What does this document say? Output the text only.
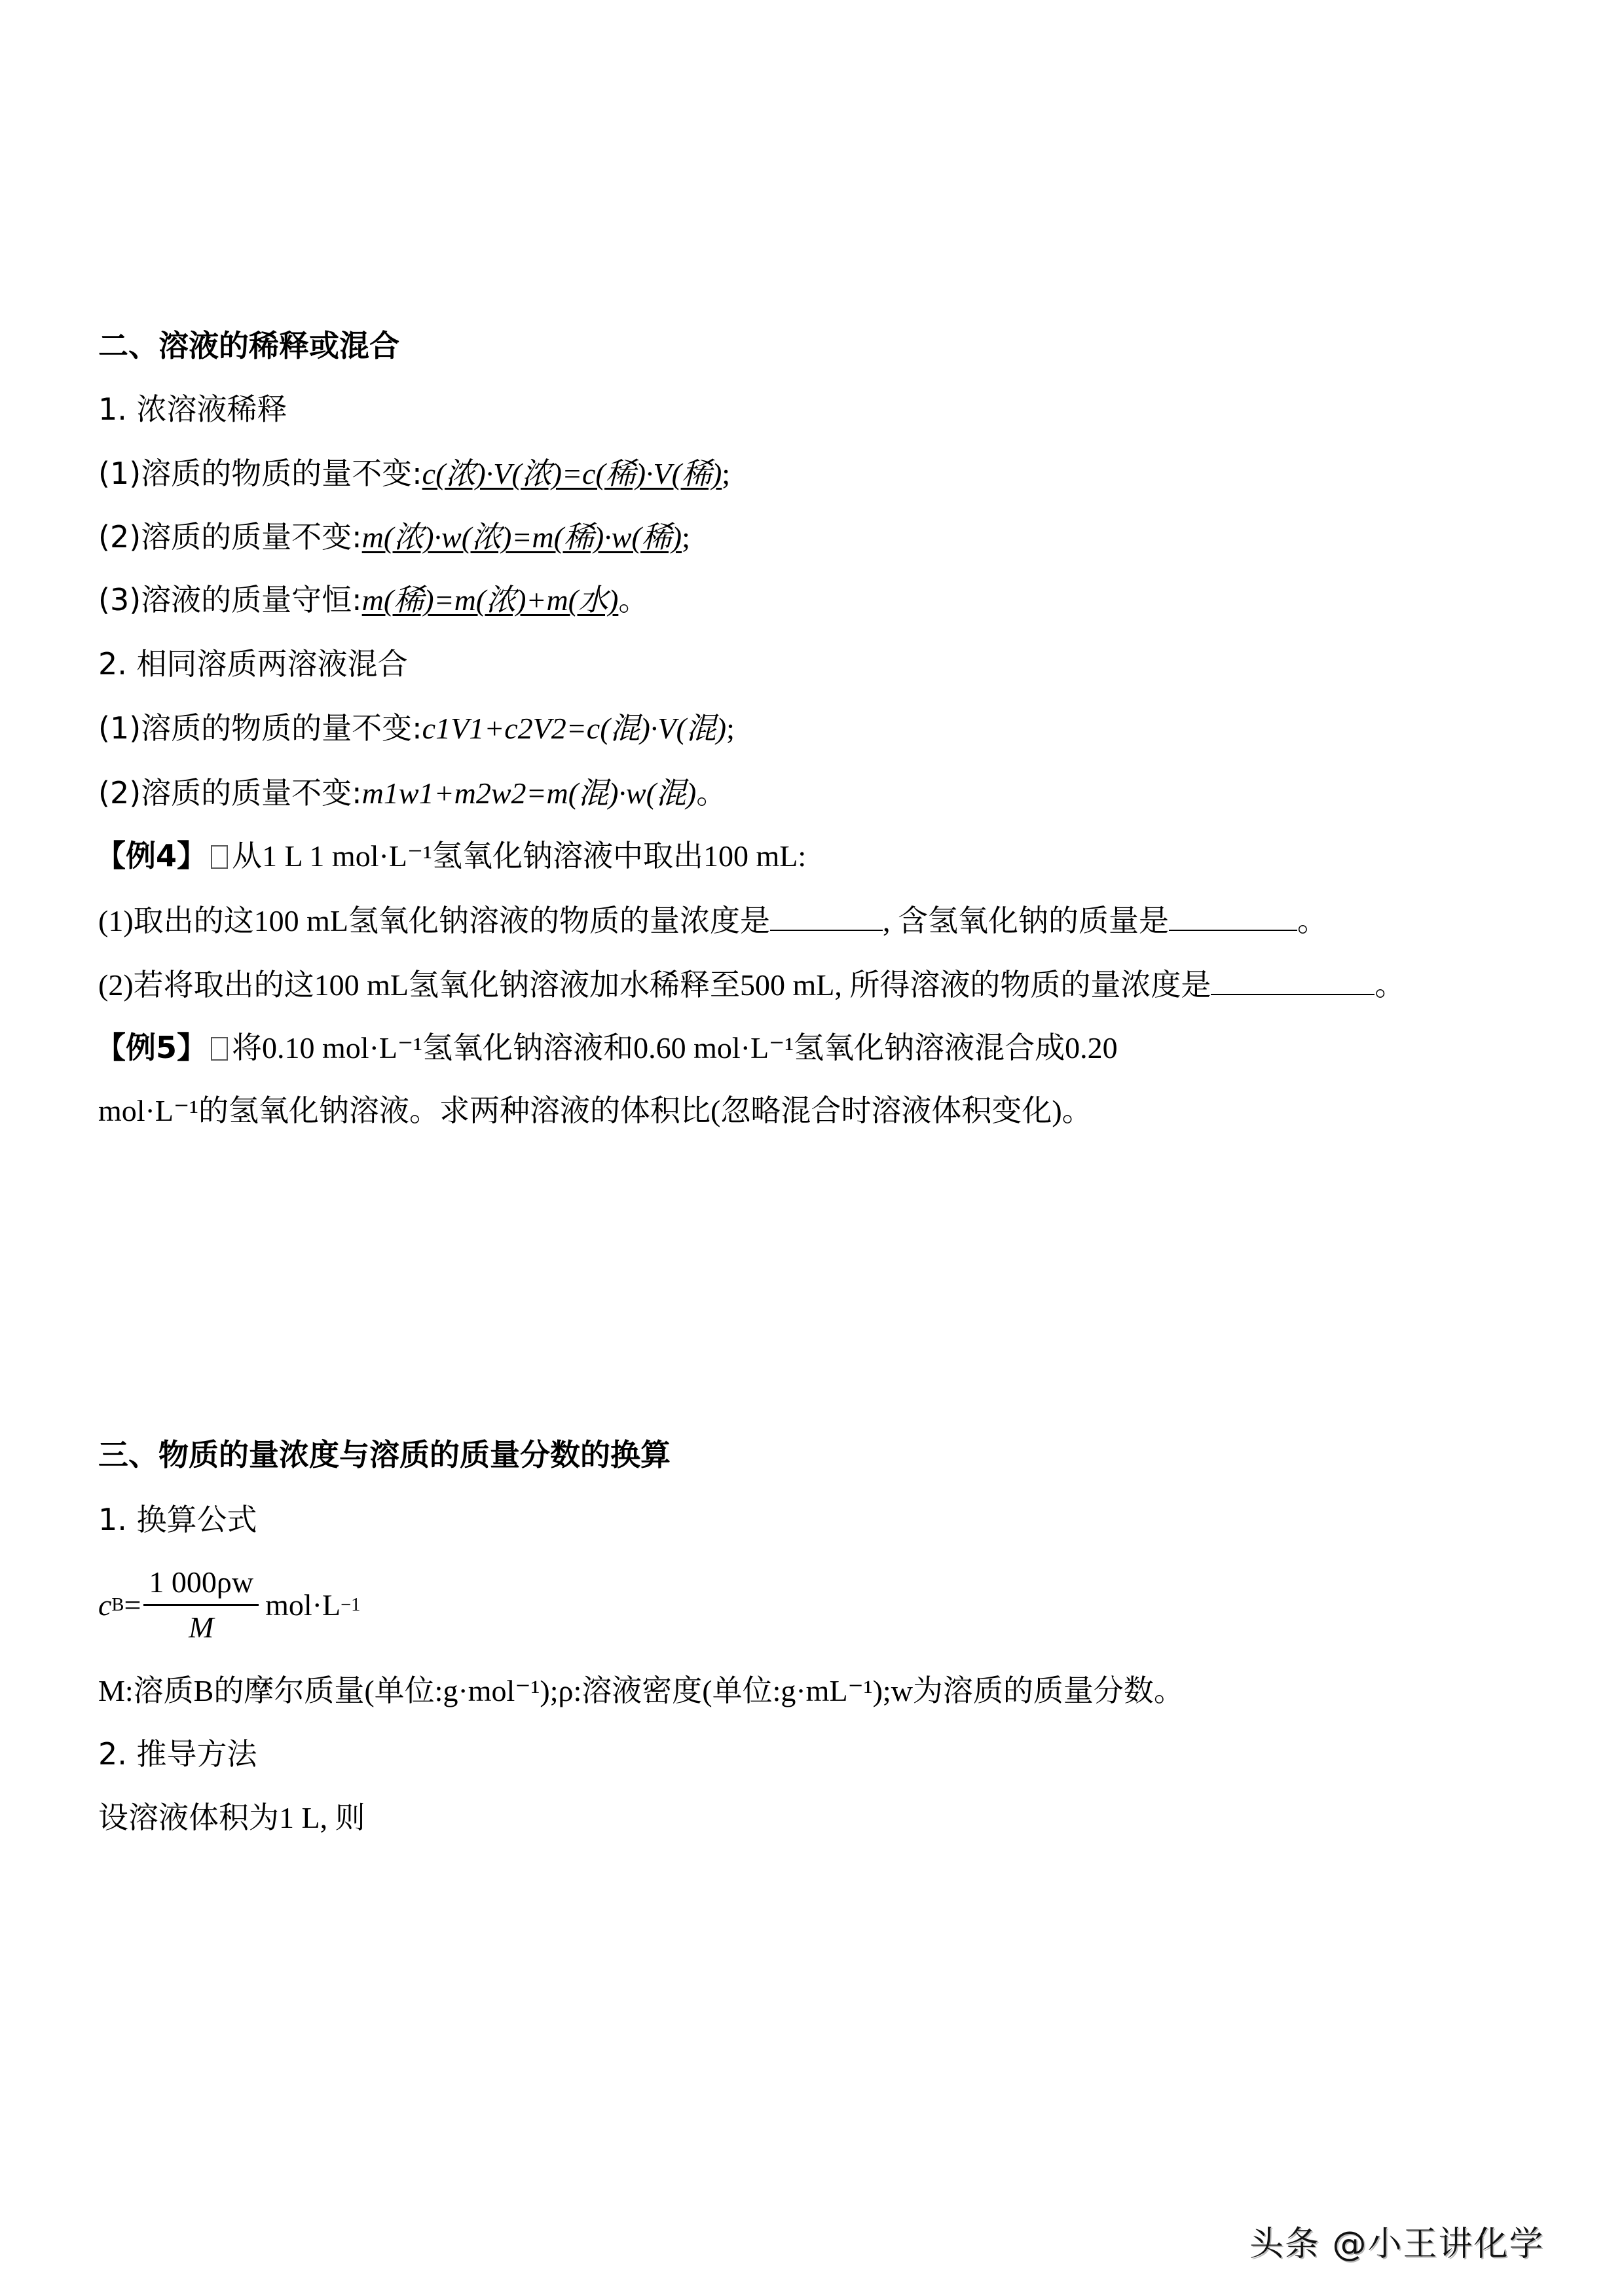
二、溶液的稀释或混合
1. 浓溶液稀释
(1)溶质的物质的量不变:c(浓)·V(浓)=c(稀)·V(稀);
(2)溶质的质量不变:m(浓)·w(浓)=m(稀)·w(稀);
(3)溶液的质量守恒:m(稀)=m(浓)+m(水)。
2. 相同溶质两溶液混合
(1)溶质的物质的量不变:c1V1+c2V2=c(混)·V(混);
(2)溶质的质量不变:m1w1+m2w2=m(混)·w(混)。
【例4】 从1 L 1 mol·L⁻¹氢氧化钠溶液中取出100 mL:
(1)取出的这100 mL氢氧化钠溶液的物质的量浓度是	, 含氢氧化钠的质量是	。
(2)若将取出的这100 mL氢氧化钠溶液加水稀释至500 mL, 所得溶液的物质的量浓度是	。
【例5】 将0.10 mol·L⁻¹氢氧化钠溶液和0.60 mol·L⁻¹氢氧化钠溶液混合成0.20
mol·L⁻¹的氢氧化钠溶液。求两种溶液的体积比(忽略混合时溶液体积变化)。
三、物质的量浓度与溶质的质量分数的换算
1. 换算公式
c $B = \frac{1 000\rho w}{M} mol\cdot L -1$
M:溶质B的摩尔质量(单位:g·mol⁻¹);ρ:溶液密度(单位:g·mL⁻¹);w为溶质的质量分数。
2. 推导方法
设溶液体积为1 L, 则
头条 @小王讲化学
